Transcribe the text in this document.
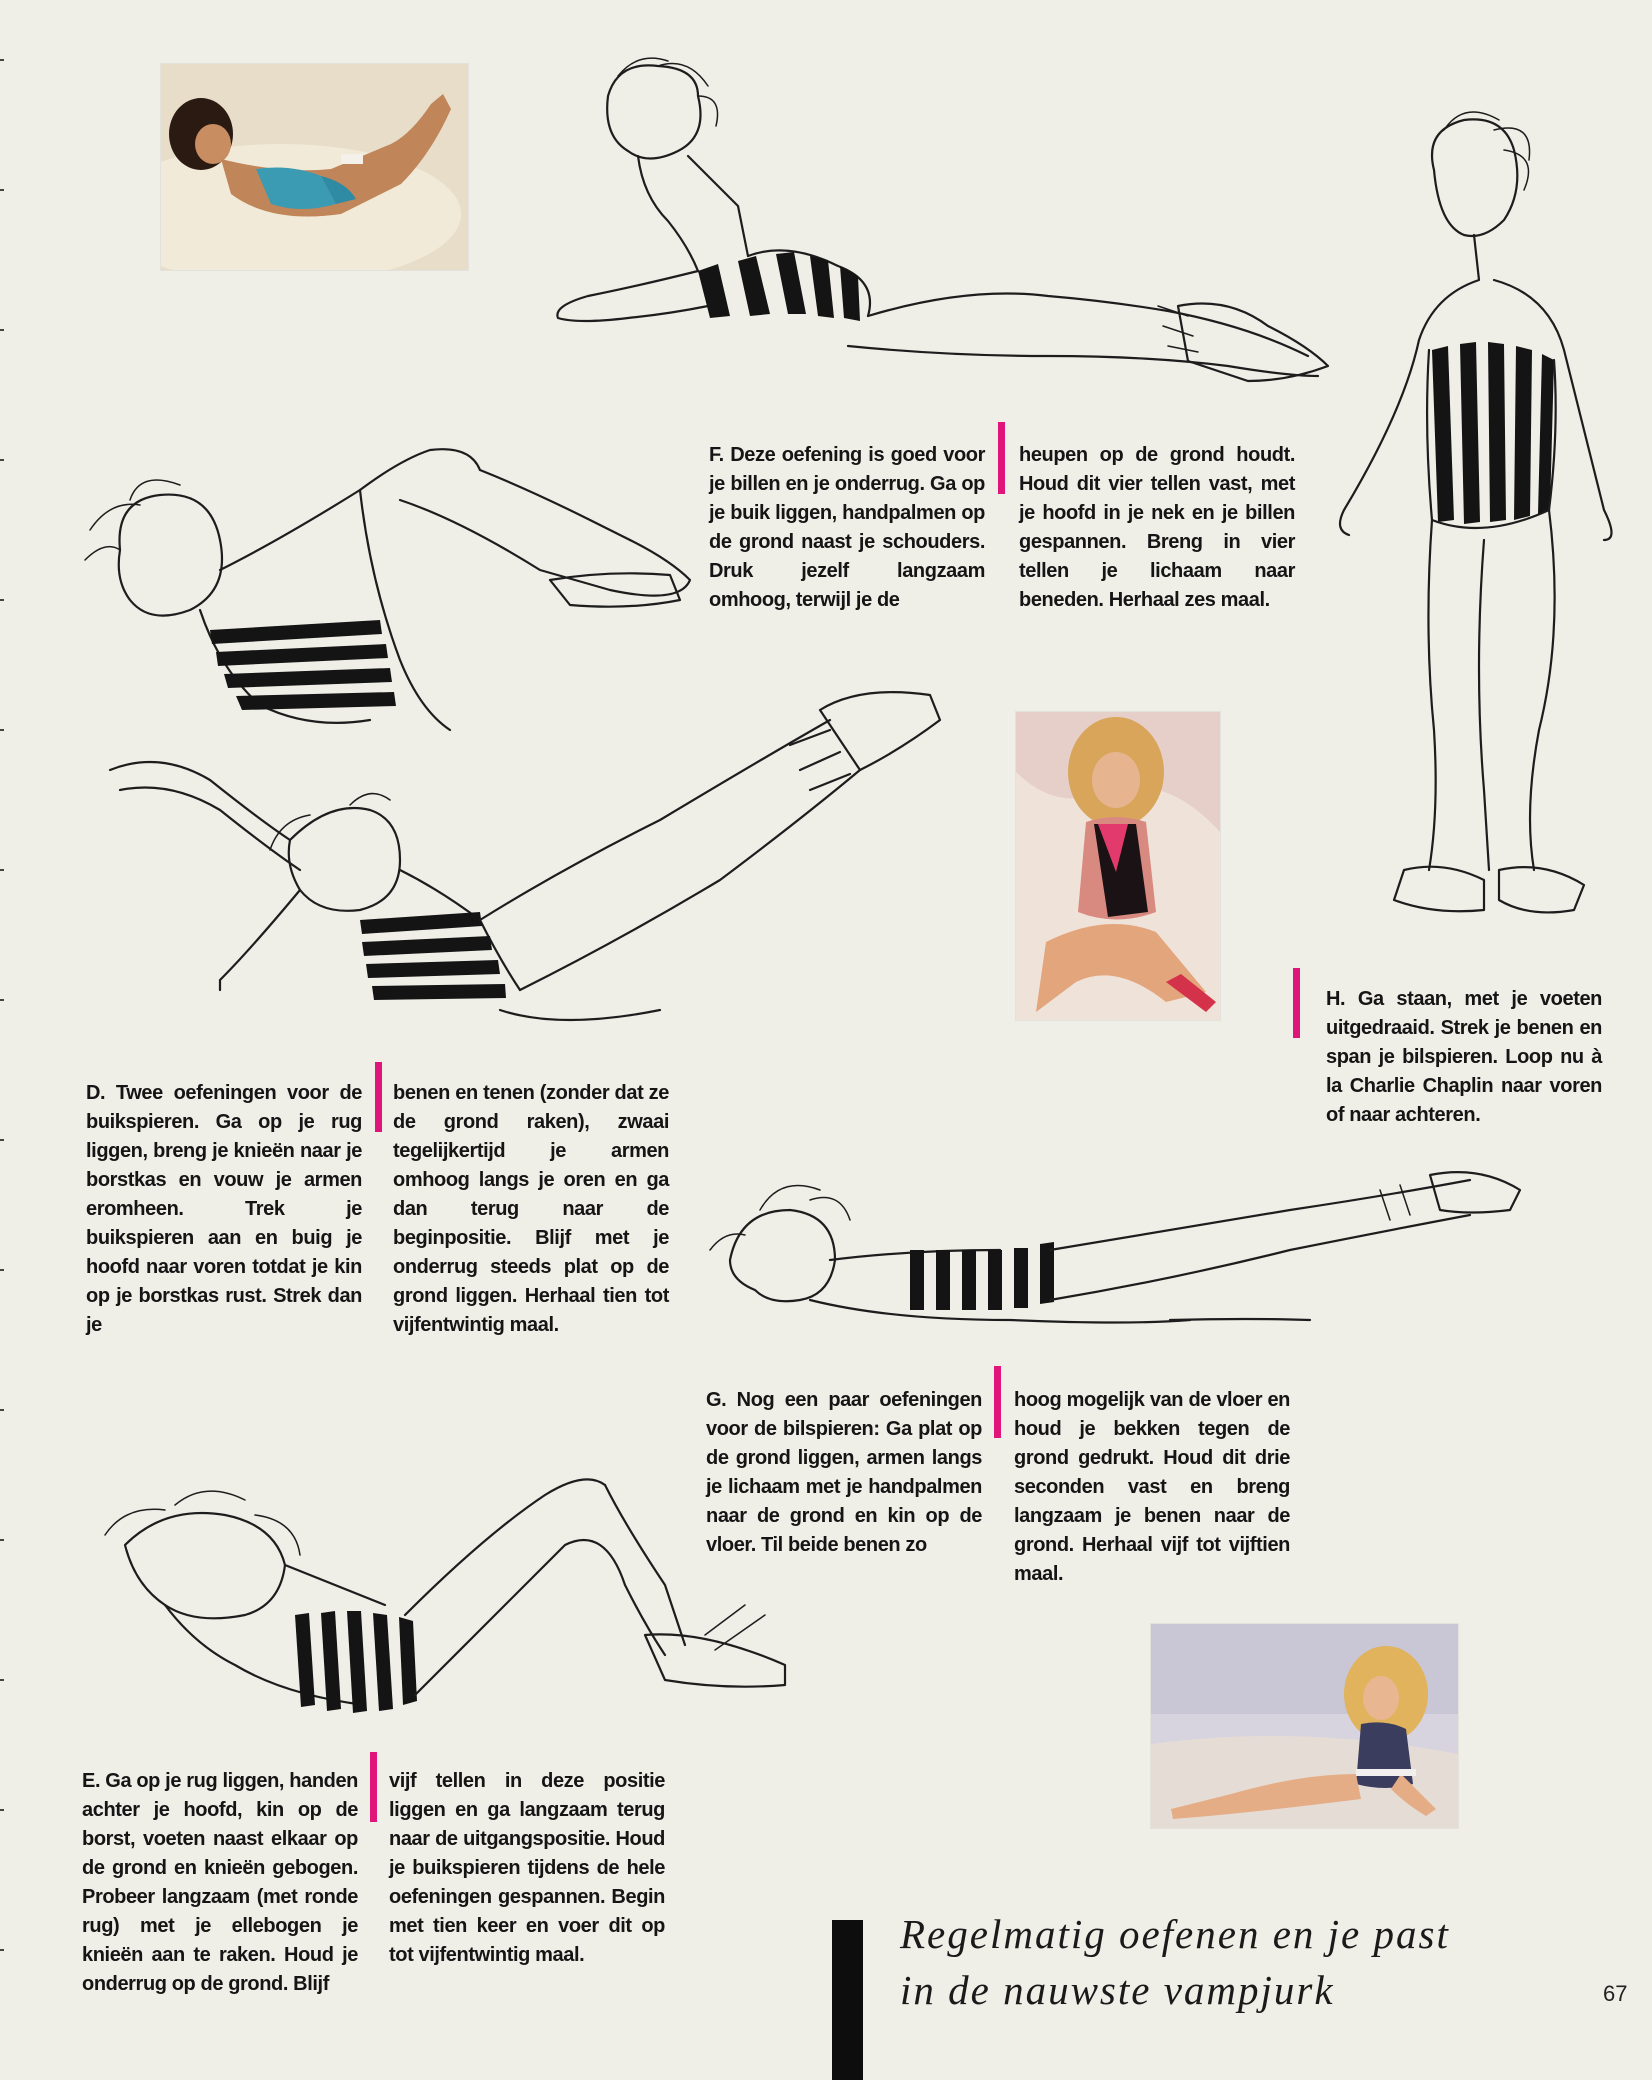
F. Deze oefening is goed voor je billen en je onderrug. Ga op je buik liggen, handpalmen op de grond naast je schouders. Druk jezelf langzaam omhoog, terwijl je de
heupen op de grond houdt. Houd dit vier tellen vast, met je hoofd in je nek en je billen gespannen. Breng in vier tellen je lichaam naar beneden. Herhaal zes maal.
D. Twee oefeningen voor de buikspieren. Ga op je rug liggen, breng je knieën naar je borstkas en vouw je armen eromheen. Trek je buikspieren aan en buig je hoofd naar voren totdat je kin op je borstkas rust. Strek dan je
benen en tenen (zonder dat ze de grond raken), zwaai tegelijkertijd je armen omhoog langs je oren en ga dan terug naar de beginpositie. Blijf met je onderrug steeds plat op de grond liggen. Herhaal tien tot vijfentwintig maal.
H. Ga staan, met je voeten uitgedraaid. Strek je benen en span je bilspieren. Loop nu à la Charlie Chaplin naar voren of naar achteren.
G. Nog een paar oefeningen voor de bilspieren: Ga plat op de grond liggen, armen langs je lichaam met je handpalmen naar de grond en kin op de vloer. Til beide benen zo
hoog mogelijk van de vloer en houd je bekken tegen de grond gedrukt. Houd dit drie seconden vast en breng langzaam je benen naar de grond. Herhaal vijf tot vijftien maal.
E. Ga op je rug liggen, handen achter je hoofd, kin op de borst, voeten naast elkaar op de grond en knieën gebogen. Probeer langzaam (met ronde rug) met je ellebogen je knieën aan te raken. Houd je onderrug op de grond. Blijf
vijf tellen in deze positie liggen en ga langzaam terug naar de uitgangspositie. Houd je buikspieren tijdens de hele oefeningen gespannen. Begin met tien keer en voer dit op tot vijfentwintig maal.	Regelmatig oefenen en je past
in de nauwste vampjurk	67
